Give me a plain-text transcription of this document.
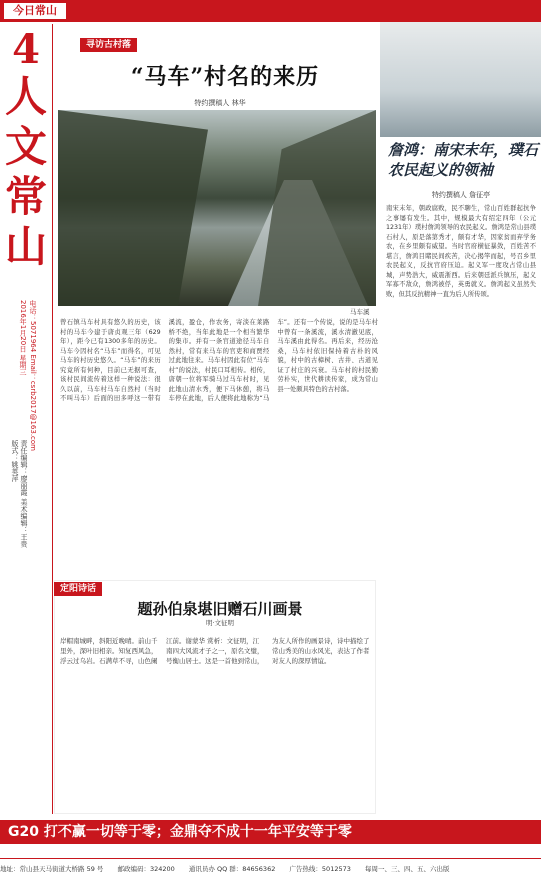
今日常山
4
人文常山
2016年1月20日 星期三 电话：5071964 Email：csrb2017@163.com
责任编辑：廖丽霞 美术编辑：王贵 版式：姚英萍
寻访古村落
“马车”村名的来历
特约撰稿人 林华
詹鸿：南宋末年，璞石农民起义的领袖
特约撰稿人 詹征亭
南宋末年，朝政腐败，民不聊生，常山百姓群起抗争之事屡有发生。其中，规模最大有绍定四年（公元1231年）璞村詹鸿领导的农民起义。詹鸿是常山县璞石村人，原是落第秀才，颇有才华，因家贫而弃学务农，在乡里颇有威望。当时官府横征暴敛，百姓苦不堪言，詹鸿目睹民间疾苦，决心揭竿而起，号召乡里农民起义，反抗官府压迫。起义军一度攻占常山县城，声势浩大，威震浙西。后来朝廷派兵镇压，起义军寡不敌众，詹鸿被俘，英勇就义。詹鸿起义虽然失败，但其反抗精神一直为后人所传颂。
马车溪
曾石镇马车村具有悠久的历史，该村的马车今建于唐贞观三年（629年），距今已有1300多年的历史。马车今因村名“马车”而得名，可见马车的村历史悠久。“马车”的来历究竟所有何种，目前已无据可查，该村民间流传着这样一种说法：很久以前，马车村马车自然村（当时不叫马车）后面的田多呼这一带有溪流，盈仓，作农务，寄淡在莱路桥不绝，当年此地是一个相当繁华的集市。并有一条官道途径马车自然村，常有来马车的官吏和商贾经过此地往来。马车村因此有位“马车村”的说法，村民口耳相传。相传，唐朝一位将军骑马过马车村时，见此地山清水秀，便下马休憩，将马车停在此地，后人便将此地称为“马车”。还有一个传说，说的是马车村中曾有一条溪流，溪水清澈见底，马车溪由此得名。再后来，经历沧桑，马车村依旧保持着古朴的风貌，村中的古樟树、古井、古道见证了村庄的兴衰。马车村的村民勤劳朴实，世代耕读传家，成为常山县一处颇具特色的古村落。
定阳诗话
题孙伯泉堪旧赠石川画景
明·文征明
岸帽南城畔，斜阳近晚晴。前山千里外，深叶旧相亲。知复西风急，浮云过乌岩。石满草不寻，山色阑江前。谢蒙华 赏析：文征明，江南四大风流才子之一，原名文璧，号衡山居士。这是一首他到常山，为友人所作的画景诗，诗中描绘了常山秀美的山水风光，表达了作者对友人的深厚情谊。
G20 打不赢一切等于零；金鼎夺不成十一年平安等于零
地址：常山县天马街道大桥路 59 号 邮政编码：324200 通讯员办 QQ 群：84656362 广告热线：5012573 每周一、三、四、五、六出版
